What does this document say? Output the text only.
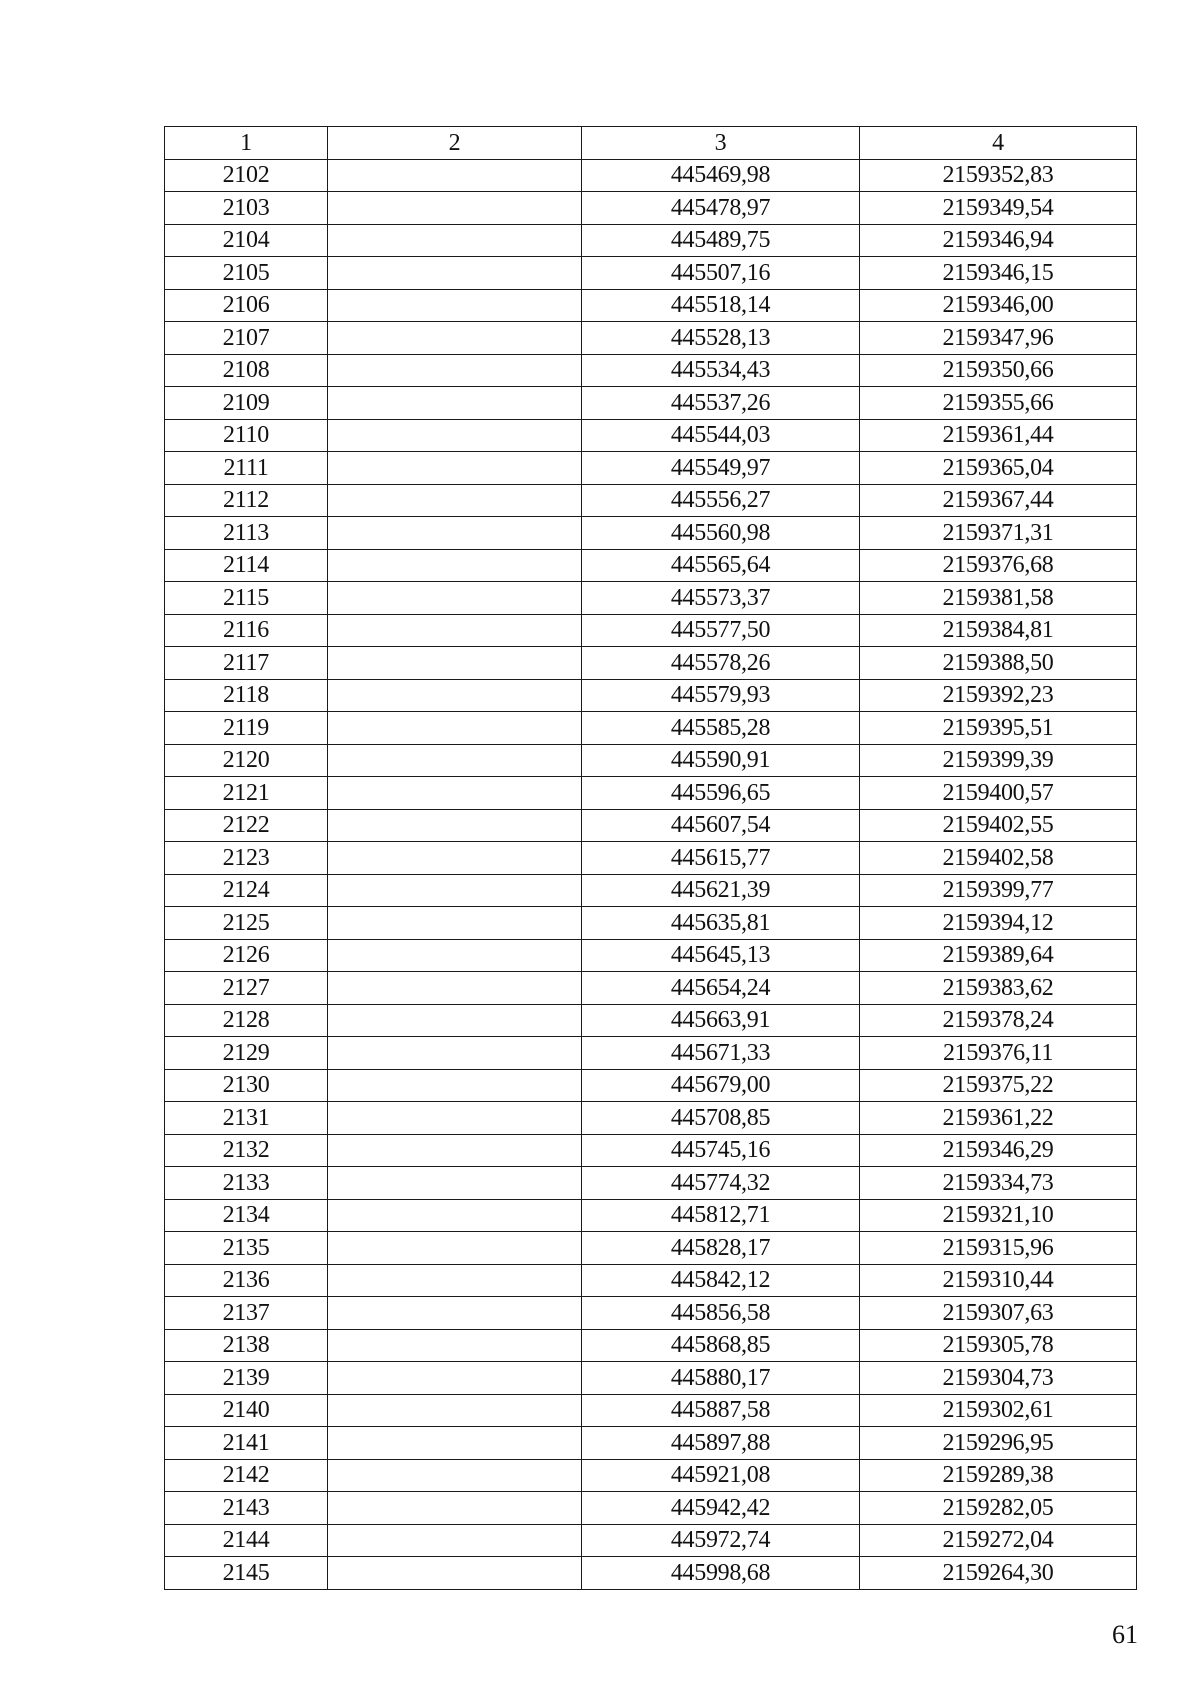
1	2	3	4
2102		445469,98	2159352,83
2103		445478,97	2159349,54
2104		445489,75	2159346,94
2105		445507,16	2159346,15
2106		445518,14	2159346,00
2107		445528,13	2159347,96
2108		445534,43	2159350,66
2109		445537,26	2159355,66
2110		445544,03	2159361,44
2111		445549,97	2159365,04
2112		445556,27	2159367,44
2113		445560,98	2159371,31
2114		445565,64	2159376,68
2115		445573,37	2159381,58
2116		445577,50	2159384,81
2117		445578,26	2159388,50
2118		445579,93	2159392,23
2119		445585,28	2159395,51
2120		445590,91	2159399,39
2121		445596,65	2159400,57
2122		445607,54	2159402,55
2123		445615,77	2159402,58
2124		445621,39	2159399,77
2125		445635,81	2159394,12
2126		445645,13	2159389,64
2127		445654,24	2159383,62
2128		445663,91	2159378,24
2129		445671,33	2159376,11
2130		445679,00	2159375,22
2131		445708,85	2159361,22
2132		445745,16	2159346,29
2133		445774,32	2159334,73
2134		445812,71	2159321,10
2135		445828,17	2159315,96
2136		445842,12	2159310,44
2137		445856,58	2159307,63
2138		445868,85	2159305,78
2139		445880,17	2159304,73
2140		445887,58	2159302,61
2141		445897,88	2159296,95
2142		445921,08	2159289,38
2143		445942,42	2159282,05
2144		445972,74	2159272,04
2145		445998,68	2159264,30
61
